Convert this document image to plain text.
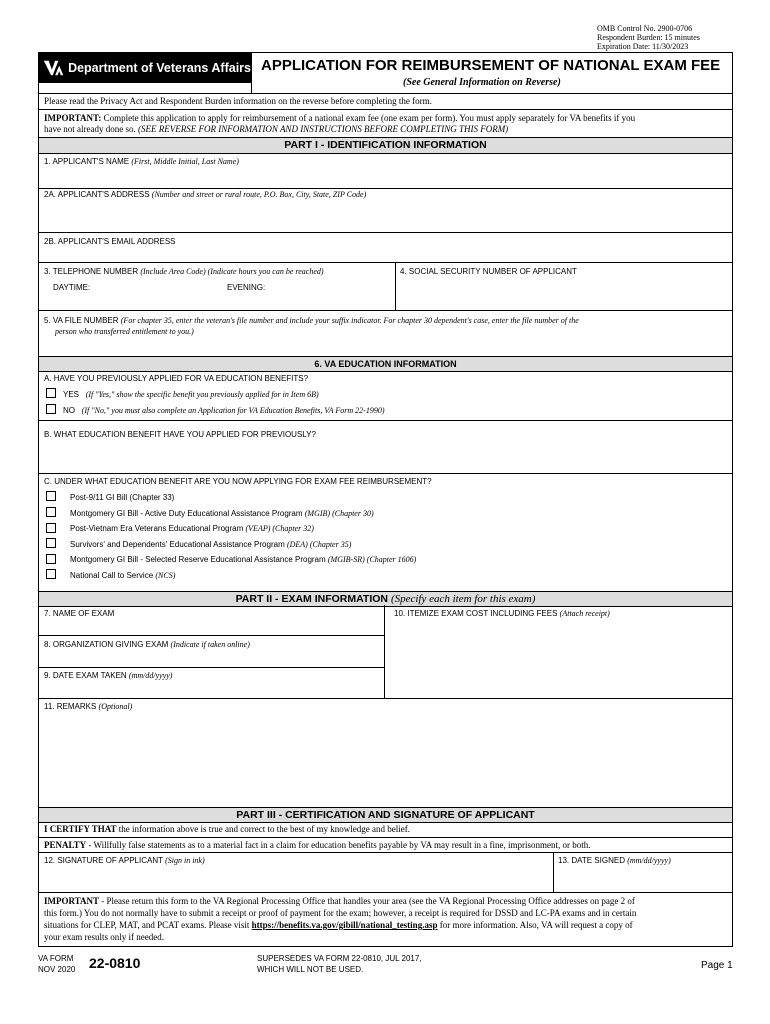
OMB Control No. 2900-0706
Respondent Burden: 15 minutes
Expiration Date: 11/30/2023
Department of Veterans Affairs APPLICATION FOR REIMBURSEMENT OF NATIONAL EXAM FEE
(See General Information on Reverse)
Please read the Privacy Act and Respondent Burden information on the reverse before completing the form.
IMPORTANT: Complete this application to apply for reimbursement of a national exam fee (one exam per form). You must apply separately for VA benefits if you
have not already done so. (SEE REVERSE FOR INFORMATION AND INSTRUCTIONS BEFORE COMPLETING THIS FORM)
PART I - IDENTIFICATION INFORMATION
1. APPLICANT'S NAME (First, Middle Initial, Last Name)
2A. APPLICANT'S ADDRESS (Number and street or rural route, P.O. Box, City, State, ZIP Code)
2B. APPLICANT'S EMAIL ADDRESS
3. TELEPHONE NUMBER (Include Area Code) (Indicate hours you can be reached)
DAYTIME:	EVENING:
4. SOCIAL SECURITY NUMBER OF APPLICANT
5. VA FILE NUMBER (For chapter 35, enter the veteran's file number and include your suffix indicator. For chapter 30 dependent's case, enter the file number of the
person who transferred entitlement to you.)
6. VA EDUCATION INFORMATION
A. HAVE YOU PREVIOUSLY APPLIED FOR VA EDUCATION BENEFITS?
YES (If "Yes," show the specific benefit you previously applied for in Item 6B)
NO (If "No," you must also complete an Application for VA Education Benefits, VA Form 22-1990)
B. WHAT EDUCATION BENEFIT HAVE YOU APPLIED FOR PREVIOUSLY?
C. UNDER WHAT EDUCATION BENEFIT ARE YOU NOW APPLYING FOR EXAM FEE REIMBURSEMENT?
Post-9/11 GI Bill (Chapter 33)
Montgomery GI Bill - Active Duty Educational Assistance Program (MGIB) (Chapter 30)
Post-Vietnam Era Veterans Educational Program (VEAP) (Chapter 32)
Survivors' and Dependents' Educational Assistance Program (DEA) (Chapter 35)
Montgomery GI Bill - Selected Reserve Educational Assistance Program (MGIB-SR) (Chapter 1606)
National Call to Service (NCS)
PART II - EXAM INFORMATION (Specify each item for this exam)
7. NAME OF EXAM	10. ITEMIZE EXAM COST INCLUDING FEES (Attach receipt)
8. ORGANIZATION GIVING EXAM (Indicate if taken online)
9. DATE EXAM TAKEN (mm/dd/yyyy)
11. REMARKS (Optional)
PART III - CERTIFICATION AND SIGNATURE OF APPLICANT
I CERTIFY THAT the information above is true and correct to the best of my knowledge and belief.
PENALTY - Willfully false statements as to a material fact in a claim for education benefits payable by VA may result in a fine, imprisonment, or both.
12. SIGNATURE OF APPLICANT (Sign in ink)	13. DATE SIGNED (mm/dd/yyyy)
IMPORTANT - Please return this form to the VA Regional Processing Office that handles your area (see the VA Regional Processing Office addresses on page 2 of
this form.) You do not normally have to submit a receipt or proof of payment for the exam; however, a receipt is required for DSSD and LC-PA exams and in certain
situations for CLEP, MAT, and PCAT exams. Please visit https://benefits.va.gov/gibill/national_testing.asp for more information. Also, VA will request a copy of
your exam results only if needed.
VA FORM
NOV 2020 22-0810	SUPERSEDES VA FORM 22-0810, JUL 2017,
WHICH WILL NOT BE USED.	Page 1
